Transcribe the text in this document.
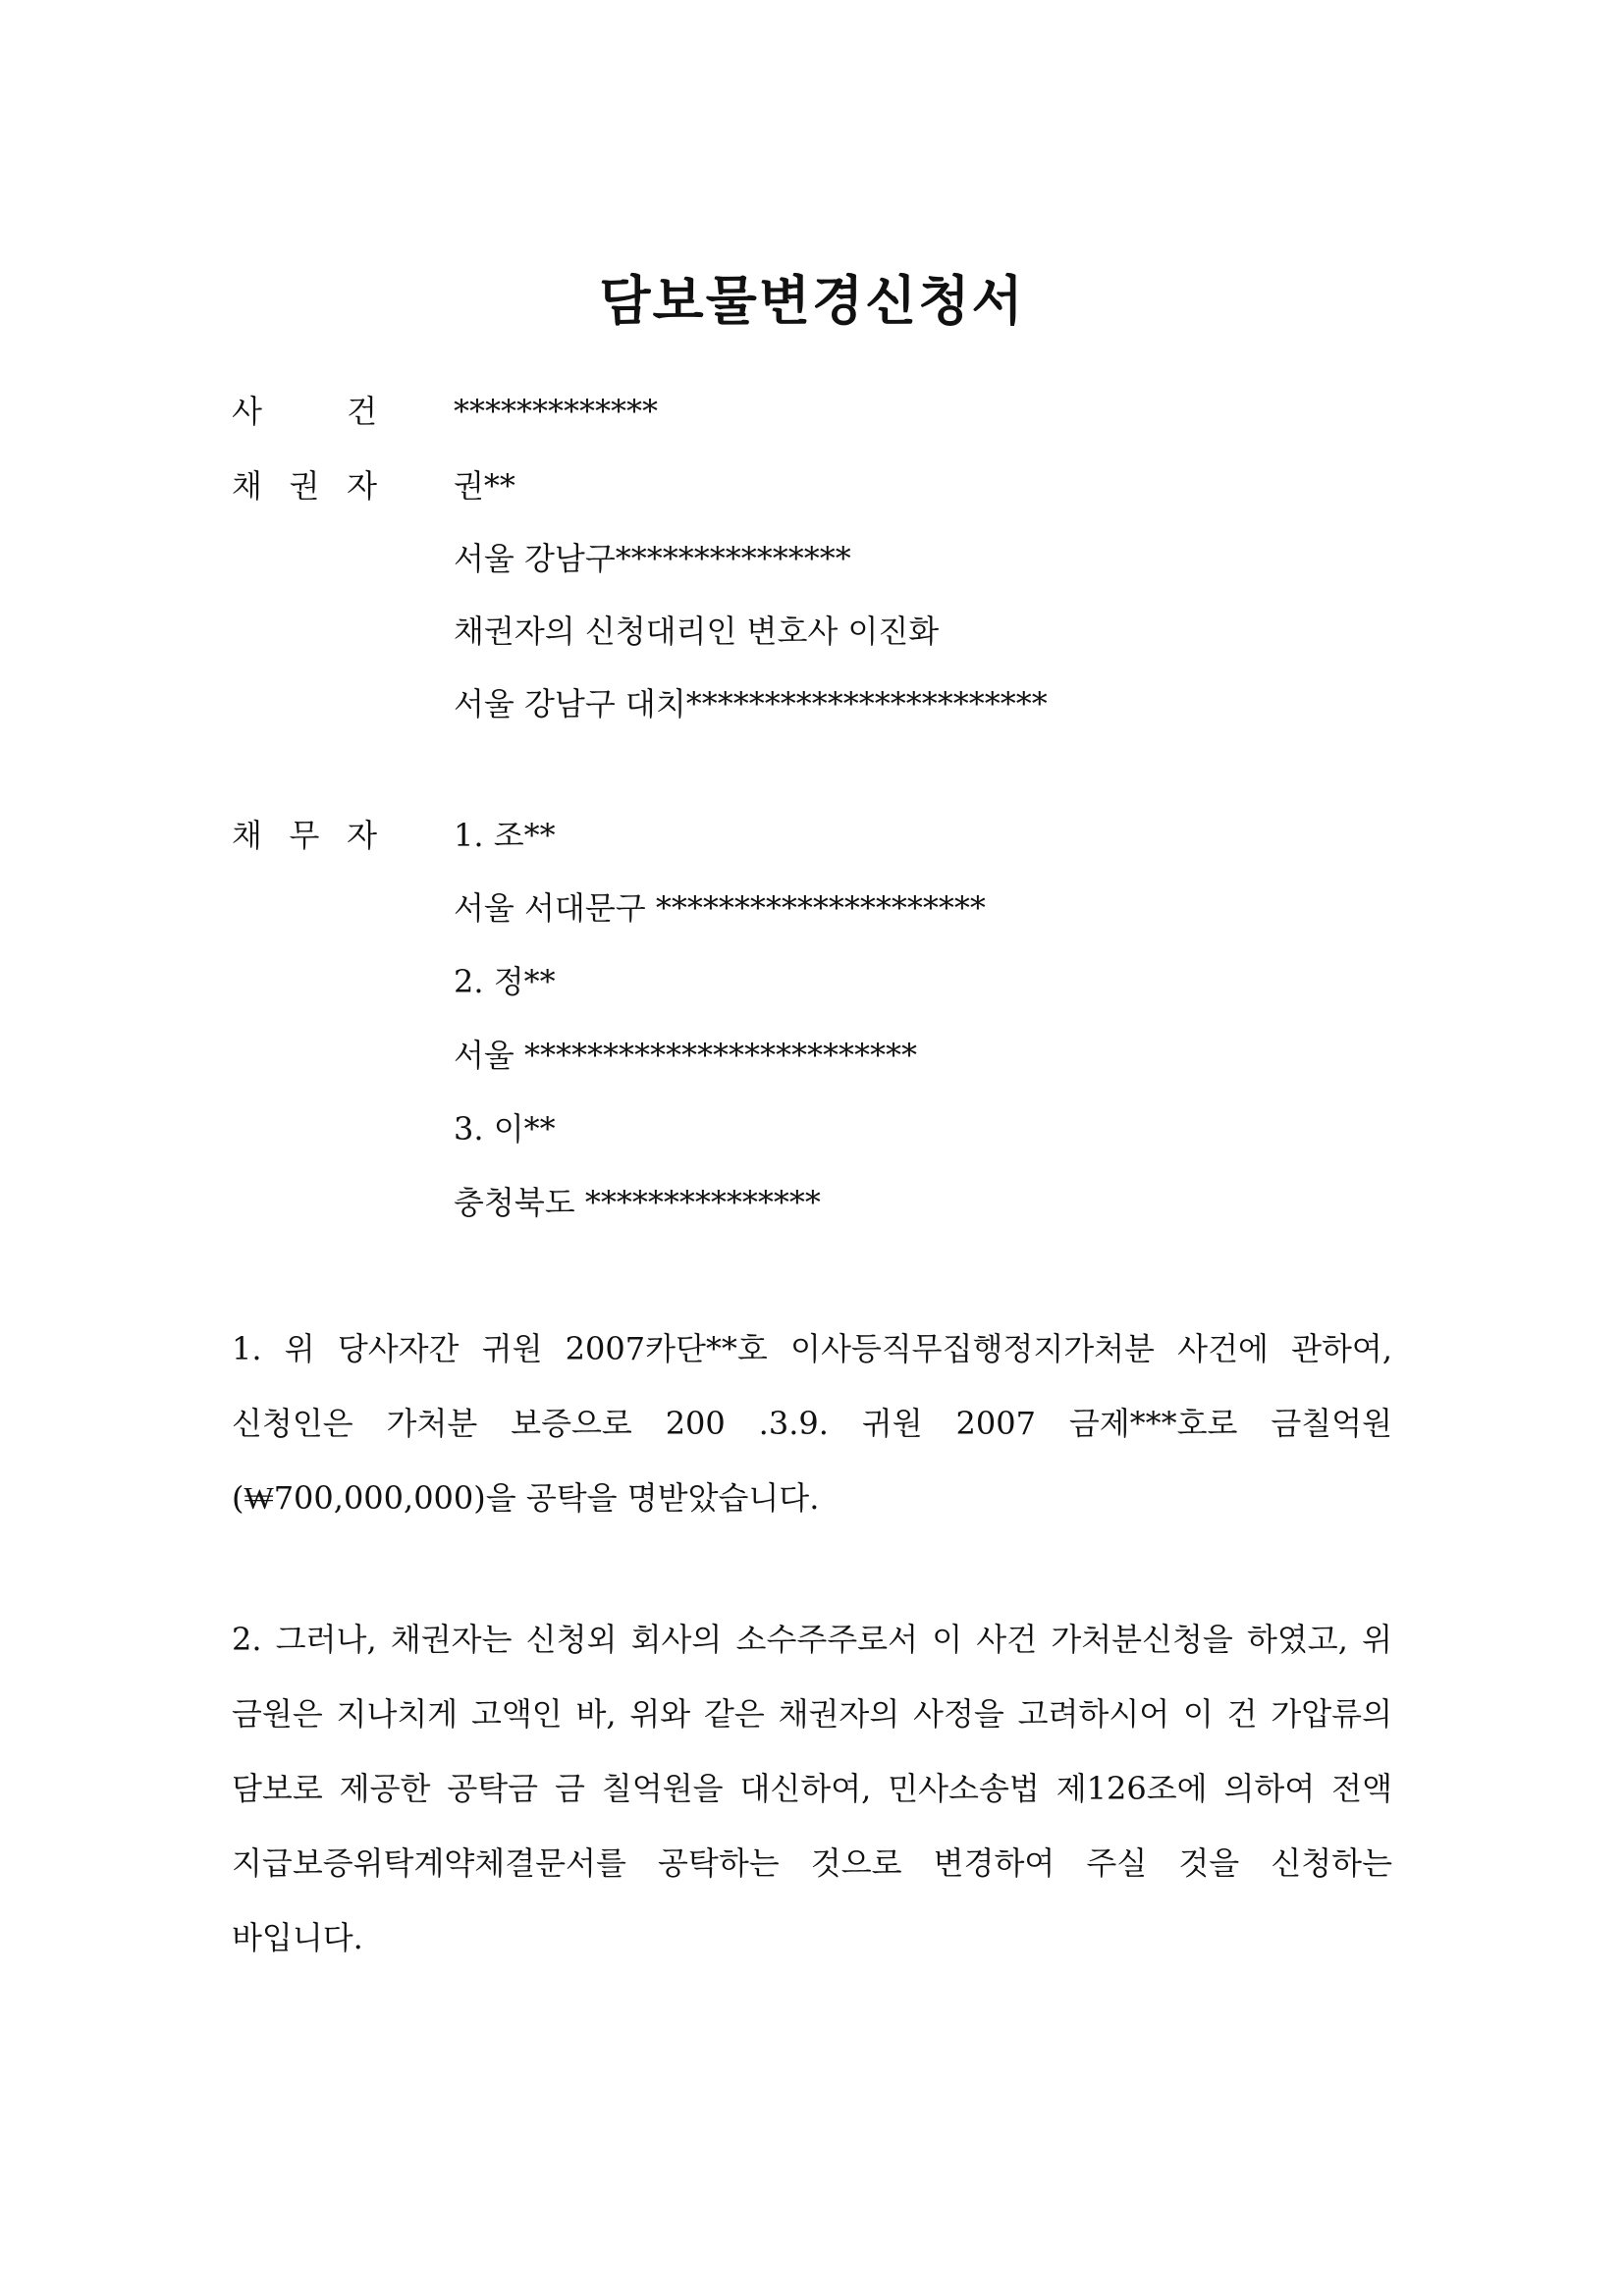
담보물변경신청서
사	건 *************
채 권 자 권**
서울 강남구***************
채권자의 신청대리인 변호사 이진화
서울 강남구 대치***********************
채 무 자 1. 조**
서울 서대문구 *********************
2. 정**
서울 *************************
3. 이**
충청북도 ***************
1. 위 당사자간 귀원 2007카단**호 이사등직무집행정지가처분 사건에 관하여, 신청인은 가처분 보증으로 200 .3.9. 귀원 2007 금제***호로 금칠억원(₩700,000,000)을 공탁을 명받았습니다.
2. 그러나, 채권자는 신청외 회사의 소수주주로서 이 사건 가처분신청을 하였고, 위 금원은 지나치게 고액인 바, 위와 같은 채권자의 사정을 고려하시어 이 건 가압류의 담보로 제공한 공탁금 금 칠억원을 대신하여, 민사소송법 제126조에 의하여 전액 지급보증위탁계약체결문서를 공탁하는 것으로 변경하여 주실 것을 신청하는 바입니다.
